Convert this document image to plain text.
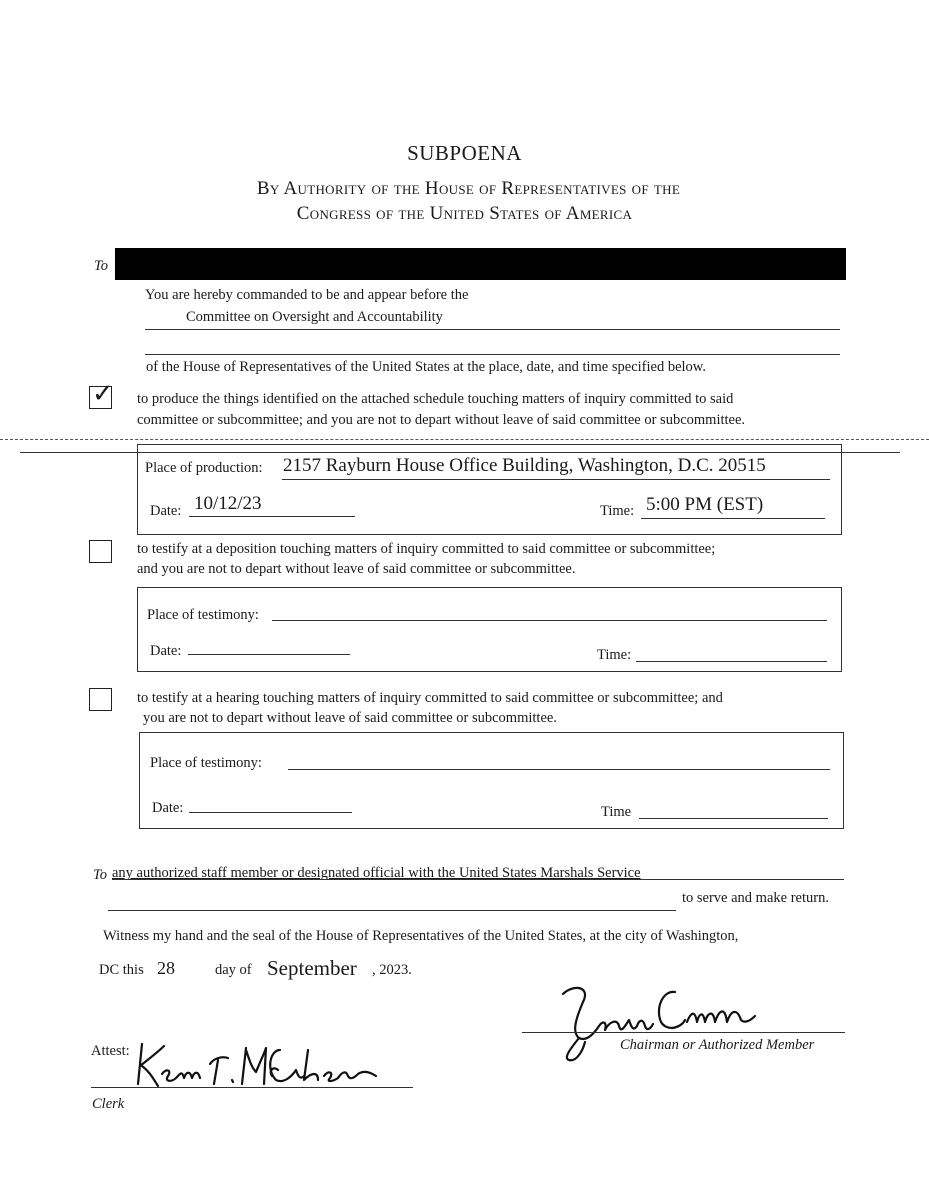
SUBPOENA
By Authority of the House of Representatives of the
Congress of the United States of America
To
You are hereby commanded to be and appear before the
Committee on Oversight and Accountability
of the House of Representatives of the United States at the place, date, and time specified below.
✓ to produce the things identified on the attached schedule touching matters of inquiry committed to said
committee or subcommittee; and you are not to depart without leave of said committee or subcommittee.
Place of production: 2157 Rayburn House Office Building, Washington, D.C. 20515
Date: 10/12/23	Time: 5:00 PM (EST)
to testify at a deposition touching matters of inquiry committed to said committee or subcommittee;
and you are not to depart without leave of said committee or subcommittee.
Place of testimony:
Date:	Time:
to testify at a hearing touching matters of inquiry committed to said committee or subcommittee; and
you are not to depart without leave of said committee or subcommittee.
Place of testimony:
Date:	Time
To any authorized staff member or designated official with the United States Marshals Service
to serve and make return.
Witness my hand and the seal of the House of Representatives of the United States, at the city of Washington,
DC this 28	day of September , 2023.
Chairman or Authorized Member
Attest:
Clerk
